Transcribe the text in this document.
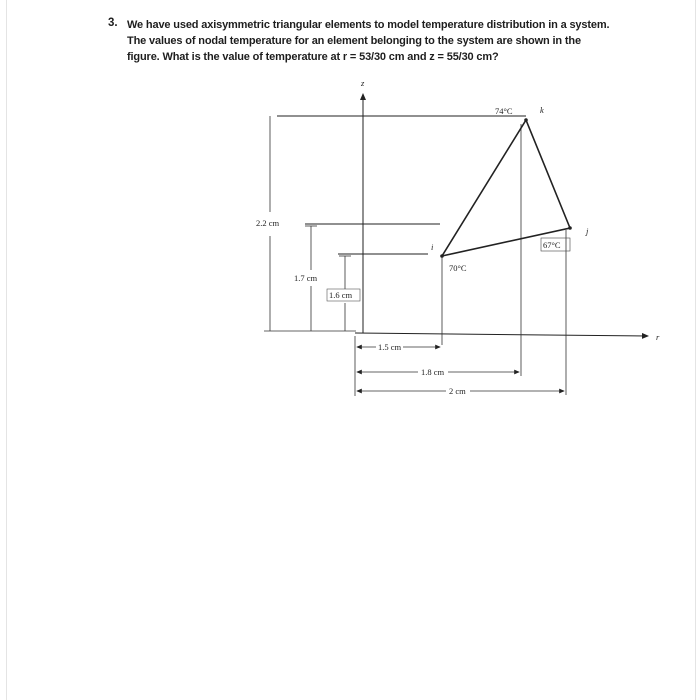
3. We have used axisymmetric triangular elements to model temperature distribution in a system.
The values of nodal temperature for an element belonging to the system are shown in the
figure. What is the value of temperature at r = 53/30 cm and z = 55/30 cm?
z
r
2.2 cm
1.7 cm
1.6 cm
1.5 cm
1.8 cm
2 cm
i
70°C
74°C	k
j
67°C
